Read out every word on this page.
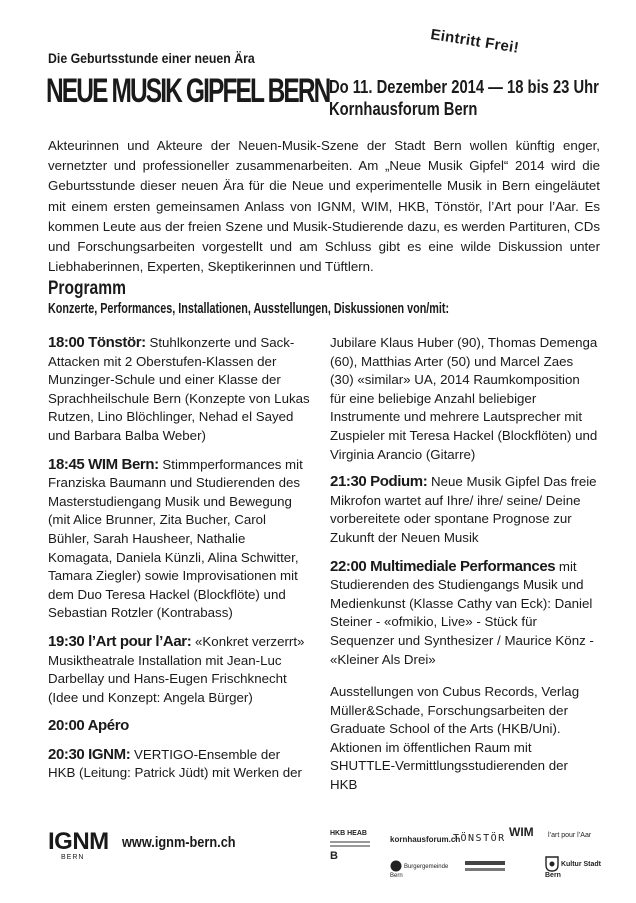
Eintritt Frei!
Die Geburtsstunde einer neuen Ära
NEUE MUSIK GIPFEL BERN Do 11. Dezember 2014 — 18 bis 23 Uhr
Kornhausforum Bern
Akteurinnen und Akteure der Neuen-Musik-Szene der Stadt Bern wollen künftig enger, vernetzter und professioneller zusammenarbeiten. Am „Neue Musik Gipfel“ 2014 wird die Geburtsstunde dieser neuen Ära für die Neue und experimentelle Musik in Bern eingeläutet mit einem ersten gemeinsamen Anlass von IGNM, WIM, HKB, Tönstör, l’Art pour l’Aar. Es kommen Leute aus der freien Szene und Musik-Studierende dazu, es werden Partituren, CDs und Forschungsarbeiten vorgestellt und am Schluss gibt es eine wilde Diskussion unter Liebhaberinnen, Experten, Skeptikerinnen und Tüftlern.
Programm
Konzerte, Performances, Installationen, Ausstellungen, Diskussionen von/mit:
18:00 Tönstör: Stuhlkonzerte und Sack-Attacken mit 2 Oberstufen-Klassen der Munzinger-Schule und einer Klasse der Sprachheilschule Bern (Konzepte von Lukas Rutzen, Lino Blöchlinger, Nehad el Sayed und Barbara Balba Weber)
18:45 WIM Bern: Stimmperformances mit Franziska Baumann und Studierenden des Masterstudiengang Musik und Bewegung (mit Alice Brunner, Zita Bucher, Carol Bühler, Sarah Hausheer, Nathalie Komagata, Daniela Künzli, Alina Schwitter, Tamara Ziegler) sowie Improvisationen mit dem Duo Teresa Hackel (Blockflöte) und Sebastian Rotzler (Kontrabass)
19:30 l’Art pour l’Aar: «Konkret verzerrt» Musiktheatrale Installation mit Jean-Luc Darbellay und Hans-Eugen Frischknecht (Idee und Konzept: Angela Bürger)
20:00 Apéro
20:30 IGNM: VERTIGO-Ensemble der HKB (Leitung: Patrick Jüdt) mit Werken der
Jubilare Klaus Huber (90), Thomas Demenga (60), Matthias Arter (50) und Marcel Zaes (30) «similar» UA, 2014 Raumkomposition für eine beliebige Anzahl beliebiger Instrumente und mehrere Lautsprecher mit Zuspieler mit Teresa Hackel (Blockflöten) und Virginia Arancio (Gitarre)
21:30 Podium: Neue Musik Gipfel Das freie Mikrofon wartet auf Ihre/ ihre/ seine/ Deine vorbereitete oder spontane Prognose zur Zukunft der Neuen Musik
22:00 Multimediale Performances mit Studierenden des Studiengangs Musik und Medienkunst (Klasse Cathy van Eck): Daniel Steiner - «ofmikio, Live» - Stück für Sequenzer und Synthesizer / Maurice Könz - «Kleiner Als Drei»
Ausstellungen von Cubus Records, Verlag Müller&Schade, Forschungsarbeiten der Graduate School of the Arts (HKB/Uni). Aktionen im öffentlichen Raum mit SHUTTLE-Vermittlungsstudierenden der HKB
IGNM
BERN
www.ignm-bern.ch
HKB HEAB
B
kornhausforum.ch
TÖNSTÖR WIM l’art pour l’Aar
Burgergemeinde Bern
Kultur Stadt Bern
